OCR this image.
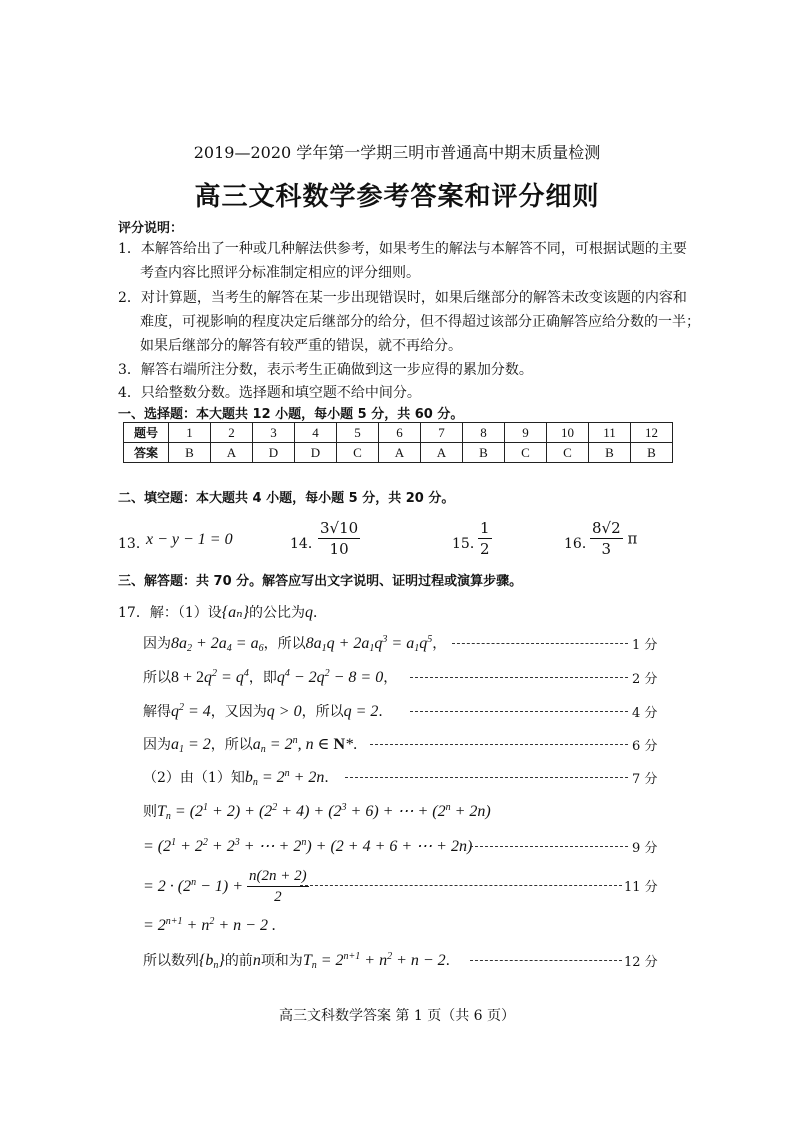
2019—2020 学年第一学期三明市普通高中期末质量检测
高三文科数学参考答案和评分细则
评分说明：
1．本解答给出了一种或几种解法供参考，如果考生的解法与本解答不同，可根据试题的主要
考查内容比照评分标准制定相应的评分细则。
2．对计算题，当考生的解答在某一步出现错误时，如果后继部分的解答未改变该题的内容和
难度，可视影响的程度决定后继部分的给分，但不得超过该部分正确解答应给分数的一半；
如果后继部分的解答有较严重的错误，就不再给分。
3．解答右端所注分数，表示考生正确做到这一步应得的累加分数。
4．只给整数分数。选择题和填空题不给中间分。
一、选择题：本大题共 12 小题，每小题 5 分，共 60 分。
题号	1	2	3	4	5	6	7	8	9	10	11	12
答案	B	A	D	D	C	A	A	B	C	C	B	B
二、填空题：本大题共 4 小题，每小题 5 分，共 20 分。
13．
x − y − 1 = 0	14．
$\frac{3√10}{10}$	15．
$\frac{1}{2}$	16．
$\frac{8√2}{3}$ π
三、解答题：共 70 分。解答应写出文字说明、证明过程或演算步骤。
17．解：（1）设{aₙ}的公比为q．
因为$8a_2 + 2a_4 = a_6$，所以$8a_1q + 2a_1q^3 = a_1q^5$，	1 分
所以$8 + 2q^2 = q^4$，即$q^4 - 2q^2 - 8 = 0$，	2 分
解得$q^2 = 4$，又因为q > 0，所以q = 2．	4 分
因为$a_1 = 2$，所以$a_n = 2^n$, n ∈ N*．	6 分
（2）由（1）知$b_n = 2^n + 2n$．	7 分
则$T_n = (2^1 + 2) + (2^2 + 4) + (2^3 + 6)$ + ⋯ + $(2^n + 2n)$
= ($2^1 + 2^2 + 2^3$ + ⋯ + $2^n) + (2 + 4 + 6$ + ⋯ + 2n)	9 分
= $2 \cdot (2^n - 1) + \frac{n(2n + 2)}{2}$	11 分
= $2^{n+1} + n^2 + n - 2$ .
所以数列$\{b_n\}$的前n项和为$T_n = 2^{n+1} + n^2 + n - 2$．	12 分
高三文科数学答案 第 1 页（共 6 页）
